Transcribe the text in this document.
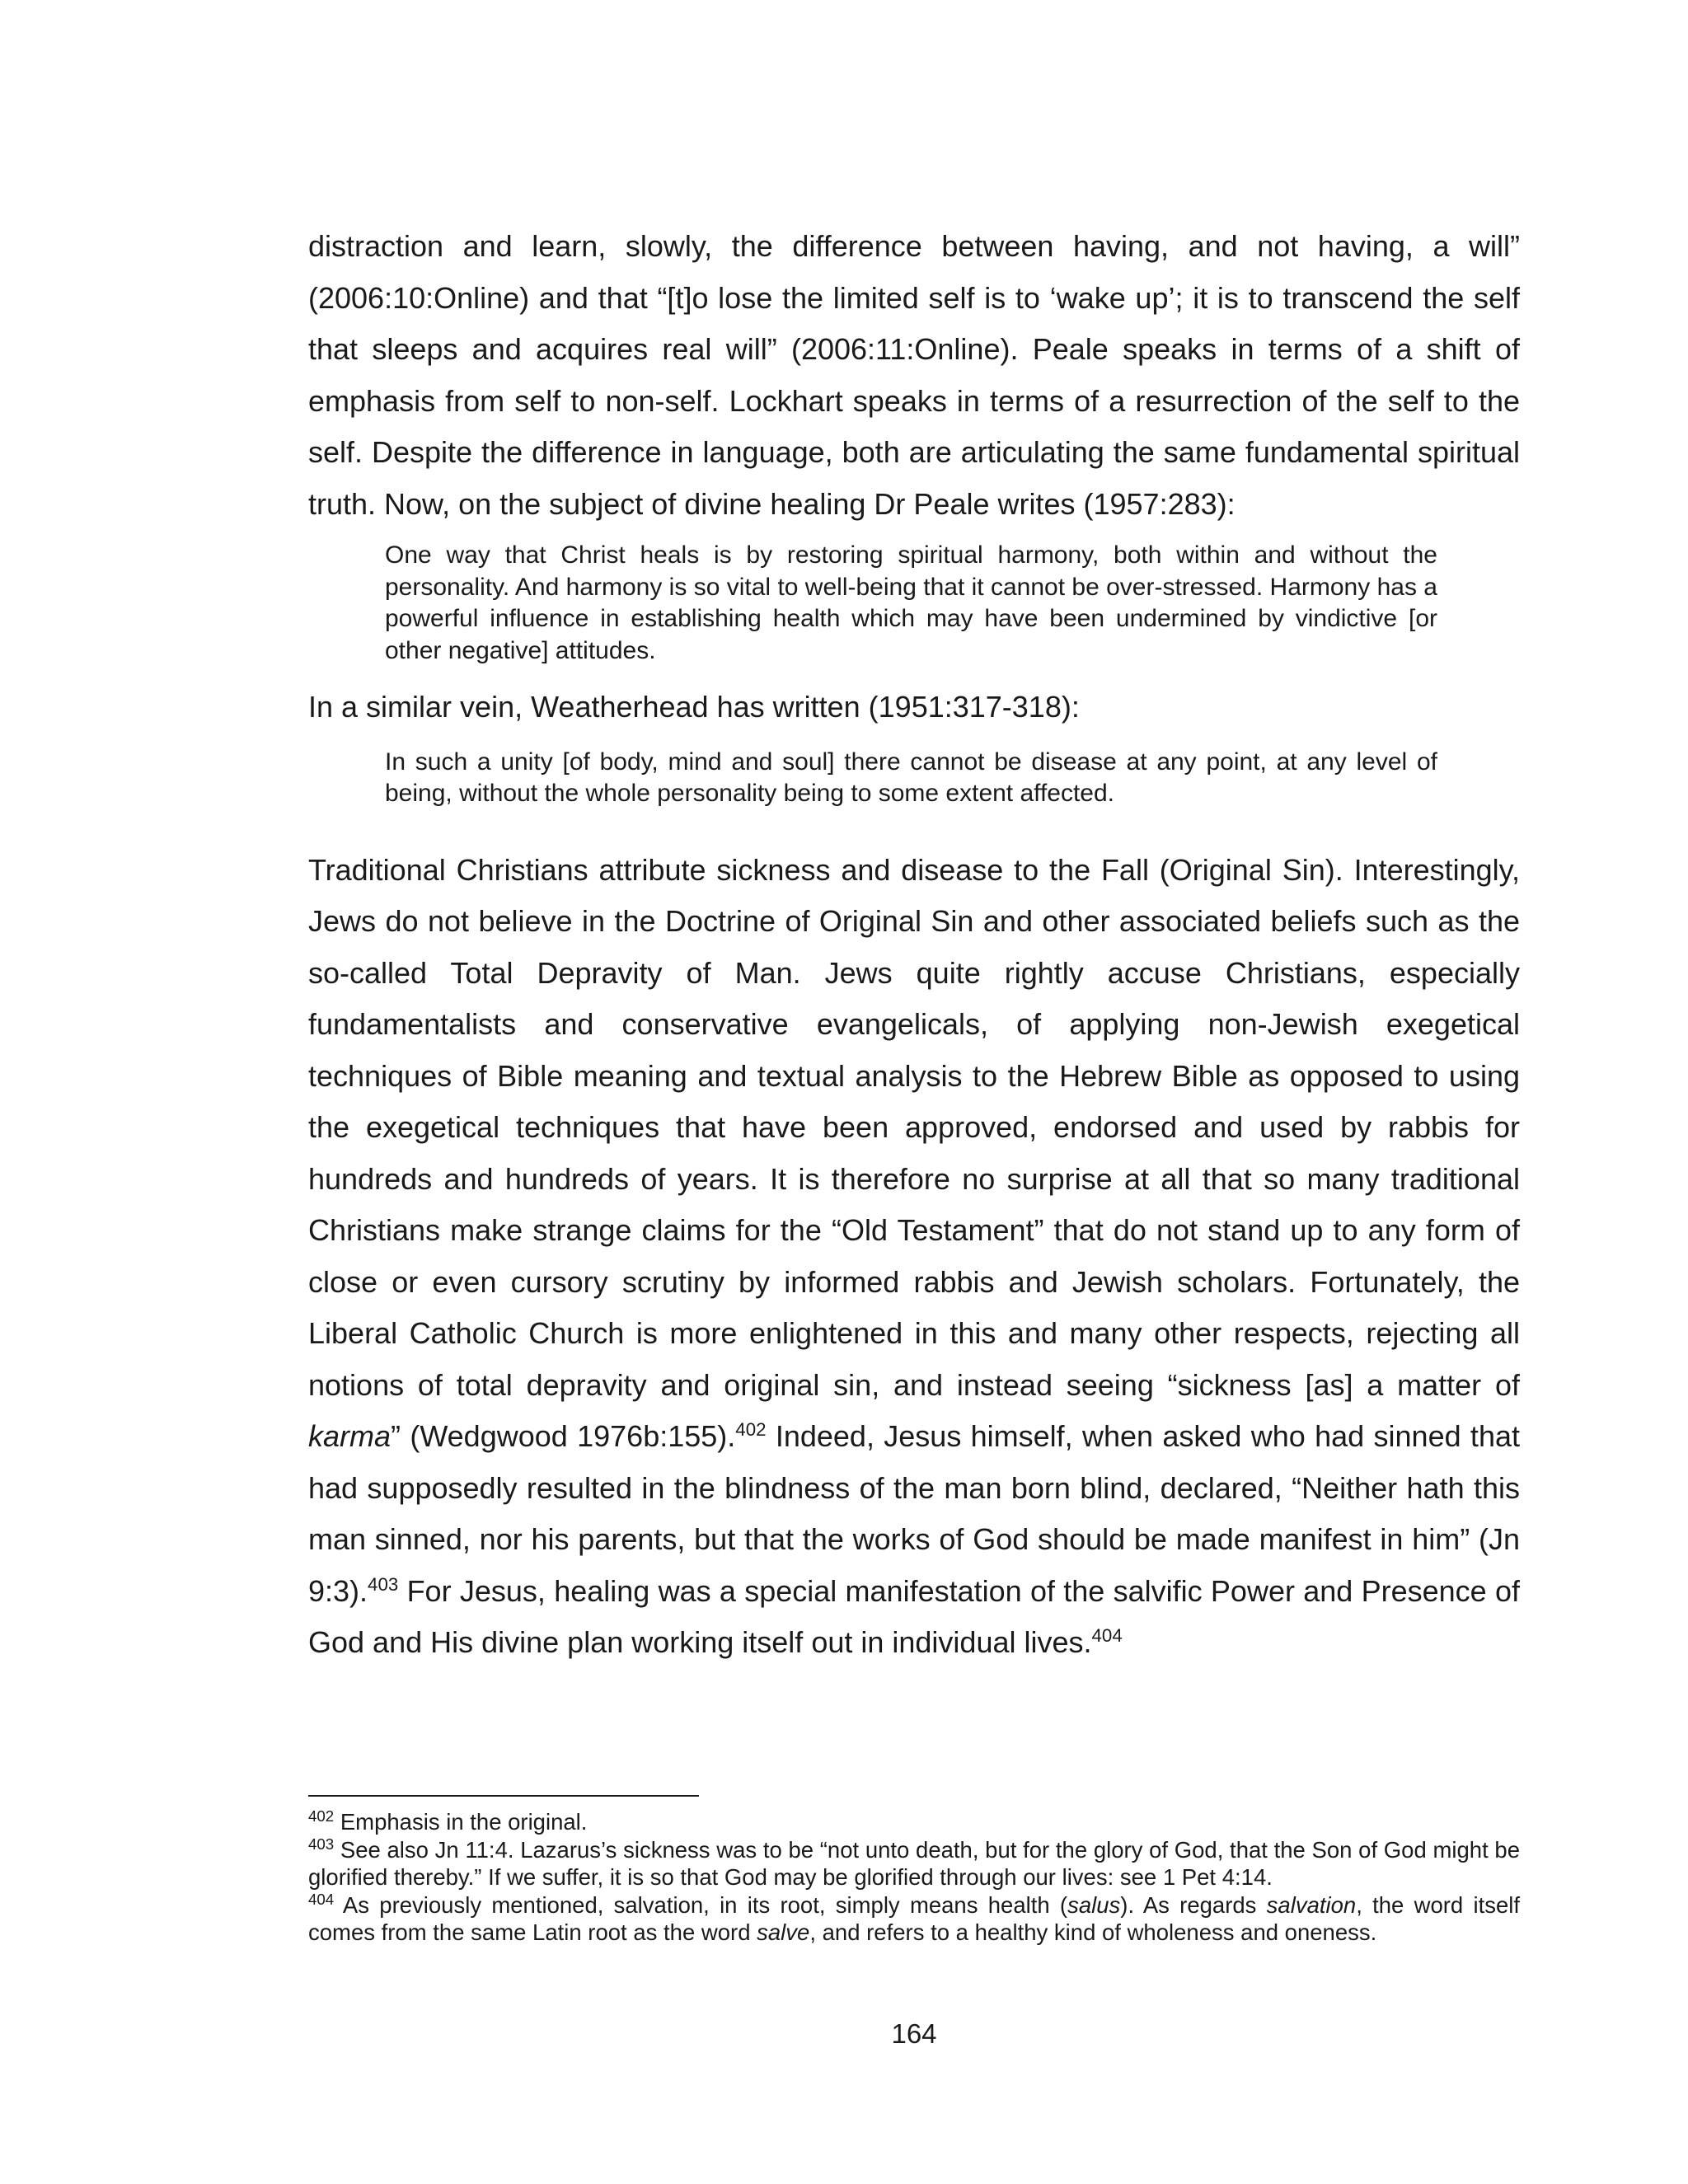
distraction and learn, slowly, the difference between having, and not having, a will” (2006:10:Online) and that “[t]o lose the limited self is to ‘wake up’; it is to transcend the self that sleeps and acquires real will” (2006:11:Online). Peale speaks in terms of a shift of emphasis from self to non-self. Lockhart speaks in terms of a resurrection of the self to the self. Despite the difference in language, both are articulating the same fundamental spiritual truth. Now, on the subject of divine healing Dr Peale writes (1957:283):

One way that Christ heals is by restoring spiritual harmony, both within and without the personality. And harmony is so vital to well-being that it cannot be over-stressed. Harmony has a powerful influence in establishing health which may have been undermined by vindictive [or other negative] attitudes.

In a similar vein, Weatherhead has written (1951:317-318):

In such a unity [of body, mind and soul] there cannot be disease at any point, at any level of being, without the whole personality being to some extent affected.

Traditional Christians attribute sickness and disease to the Fall (Original Sin). Interestingly, Jews do not believe in the Doctrine of Original Sin and other associated beliefs such as the so-called Total Depravity of Man. Jews quite rightly accuse Christians, especially fundamentalists and conservative evangelicals, of applying non-Jewish exegetical techniques of Bible meaning and textual analysis to the Hebrew Bible as opposed to using the exegetical techniques that have been approved, endorsed and used by rabbis for hundreds and hundreds of years. It is therefore no surprise at all that so many traditional Christians make strange claims for the “Old Testament” that do not stand up to any form of close or even cursory scrutiny by informed rabbis and Jewish scholars. Fortunately, the Liberal Catholic Church is more enlightened in this and many other respects, rejecting all notions of total depravity and original sin, and instead seeing “sickness [as] a matter of karma” (Wedgwood 1976b:155).$^{402}$ Indeed, Jesus himself, when asked who had sinned that had supposedly resulted in the blindness of the man born blind, declared, “Neither hath this man sinned, nor his parents, but that the works of God should be made manifest in him” (Jn 9:3).$^{403}$ For Jesus, healing was a special manifestation of the salvific Power and Presence of God and His divine plan working itself out in individual lives.$^{404}$

$^{402}$ Emphasis in the original.

$^{403}$ See also Jn 11:4. Lazarus’s sickness was to be “not unto death, but for the glory of God, that the Son of God might be glorified thereby.” If we suffer, it is so that God may be glorified through our lives: see 1 Pet 4:14.

$^{404}$ As previously mentioned, salvation, in its root, simply means health (salus). As regards salvation, the word itself comes from the same Latin root as the word salve, and refers to a healthy kind of wholeness and oneness.

164
